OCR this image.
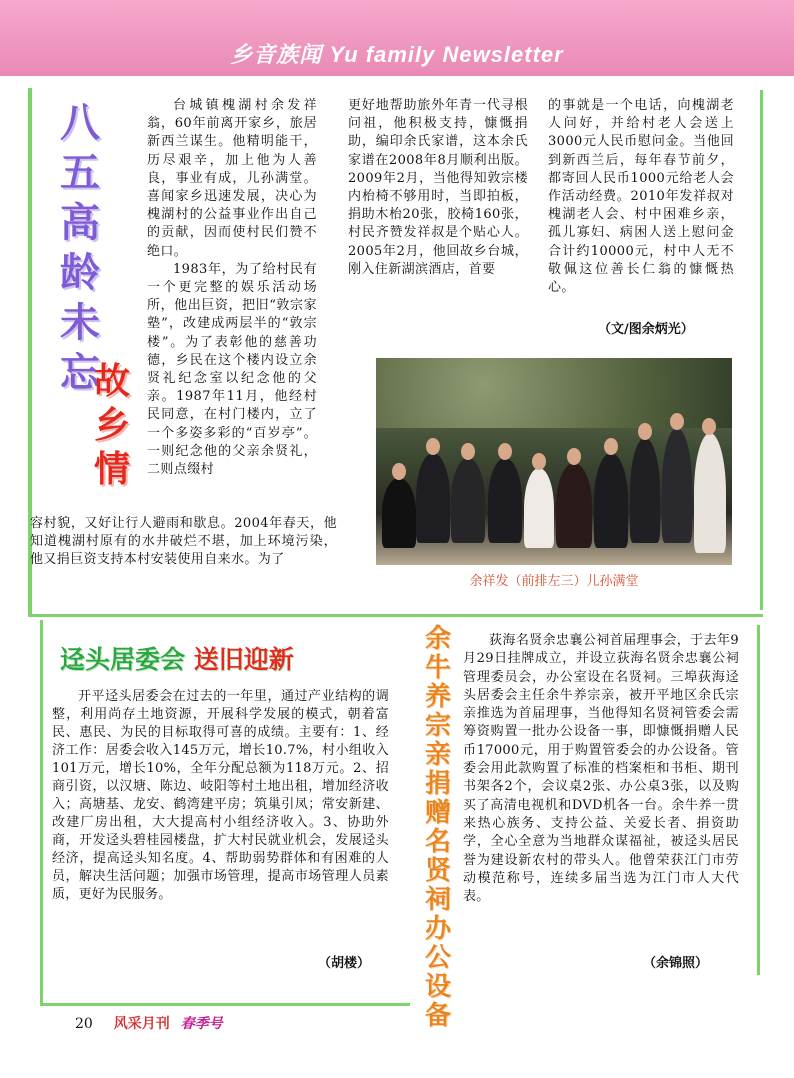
乡音族闻 Yu family Newsletter
八
五
高
龄
未
忘
故
乡
情

台城镇槐湖村余发祥翁，60年前离开家乡，旅居新西兰谋生。他精明能干，历尽艰辛，加上他为人善良，事业有成，儿孙满堂。喜闻家乡迅速发展，决心为槐湖村的公益事业作出自己的贡献，因而使村民们赞不绝口。

1983年，为了给村民有一个更完整的娱乐活动场所，他出巨资，把旧“敦宗家塾”，改建成两层半的“敦宗楼”。为了表彰他的慈善功德，乡民在这个楼内设立余贤礼纪念室以纪念他的父亲。1987年11月，他经村民同意，在村门楼内，立了一个多姿多彩的“百岁亭”。一则纪念他的父亲余贤礼，二则点缀村

容村貌，又好让行人避雨和歇息。2004年春天，他知道槐湖村原有的水井破烂不堪，加上环境污染，他又捐巨资支持本村安装使用自来水。为了

更好地帮助旅外年青一代寻根问祖，他积极支持，慷慨捐助，编印余氏家谱，这本余氏家谱在2008年8月顺利出版。2009年2月，当他得知敦宗楼内枱椅不够用时，当即拍板，捐助木枱20张，胶椅160张，村民齐赞发祥叔是个贴心人。2005年2月，他回故乡台城，刚入住新湖滨酒店，首要

的事就是一个电话，向槐湖老人问好，并给村老人会送上3000元人民币慰问金。当他回到新西兰后，每年春节前夕，都寄回人民币1000元给老人会作活动经费。2010年发祥叔对槐湖老人会、村中困难乡亲，孤儿寡妇、病困人送上慰问金合计约10000元，村中人无不敬佩这位善长仁翁的慷慨热心。

（文/图余炳光）
余祥发（前排左三）儿孙满堂
迳头居委会 送旧迎新

开平迳头居委会在过去的一年里，通过产业结构的调整，利用尚存土地资源，开展科学发展的模式，朝着富民、惠民、为民的目标取得可喜的成绩。主要有：1、经济工作：居委会收入145万元，增长10.7%，村小组收入101万元，增长10%，全年分配总额为118万元。2、招商引资，以汉塘、陈边、岐阳等村土地出租，增加经济收入；高塘基、龙安、鹤湾建平房；筑巢引凤；常安新建、改建厂房出租，大大提高村小组经济收入。3、协助外商，开发迳头碧桂园楼盘，扩大村民就业机会，发展迳头经济，提高迳头知名度。4、帮助弱势群体和有困难的人员，解决生活问题；加强市场管理，提高市场管理人员素质，更好为民服务。

（胡楼）
余
牛
养
宗
亲
捐
赠
名
贤
祠
办
公
设
备

荻海名贤余忠襄公祠首届理事会，于去年9月29日挂牌成立，并设立荻海名贤余忠襄公祠管理委员会，办公室设在名贤祠。三埠荻海迳头居委会主任余牛养宗亲，被开平地区余氏宗亲推选为首届理事，当他得知名贤祠管委会需筹资购置一批办公设备一事，即慷慨捐赠人民币17000元，用于购置管委会的办公设备。管委会用此款购置了标准的档案柜和书柜、期刊书架各2个，会议桌2张、办公桌3张，以及购买了高清电视机和DVD机各一台。余牛养一贯来热心族务、支持公益、关爱长者、捐资助学，全心全意为当地群众谋福祉，被迳头居民誉为建设新农村的带头人。他曾荣获江门市劳动模范称号，连续多届当选为江门市人大代表。

（余锦照）
20 风采月刊 春季号
